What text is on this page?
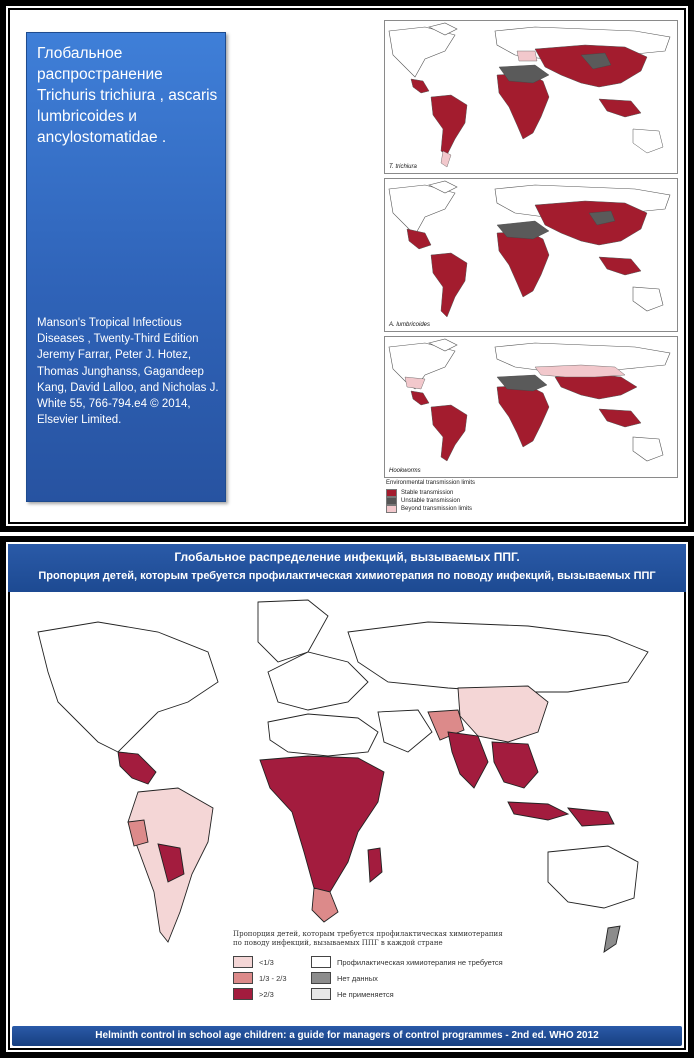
Глобальное распространение Trichuris trichiura , ascaris lumbricoides и ancylostomatidae .
Manson's Tropical Infectious Diseases , Twenty-Third Edition Jeremy Farrar, Peter J. Hotez, Thomas Junghanss, Gagandeep Kang, David Lalloo, and Nicholas J. White 55, 766-794.e4 © 2014, Elsevier Limited.
T. trichiura
A. lumbricoides
Hookworms
Environmental transmission limits
Stable transmission
Unstable transmission
Beyond transmission limits
Глобальное распределение инфекций, вызываемых ППГ.
Пропорция детей, которым требуется профилактическая химиотерапия по поводу инфекций, вызываемых ППГ
Пропорция детей, которым требуется профилактическая химиотерапия по поводу инфекций, вызываемых ППГ в каждой стране
<1/3	Профилактическая химиотерапия не требуется
1/3 - 2/3	Нет данных
>2/3	Не применяется
Helminth control in school age children: a guide for managers of control programmes - 2nd ed. WHO 2012
